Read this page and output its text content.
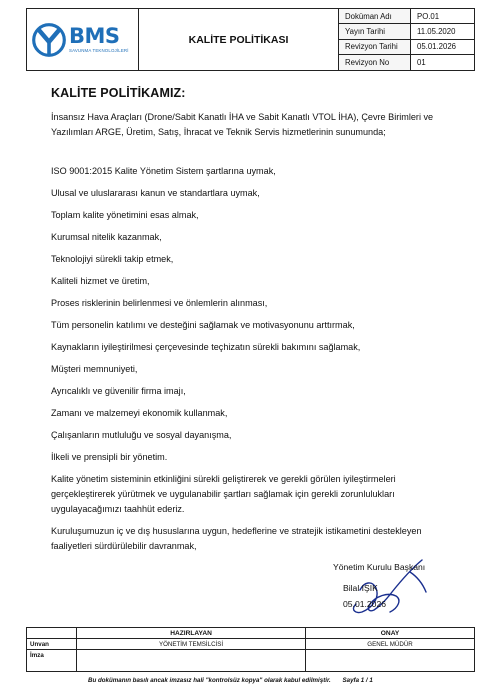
BMS
SAVUNMA TEKNOLOJİLERİ
KALİTE POLİTİKASI
Doküman Adı	PO.01
Yayın Tarihi	11.05.2020
Revizyon Tarihi	05.01.2026
Revizyon No	01
KALİTE POLİTİKAMIZ:
İnsansız Hava Araçları (Drone/Sabit Kanatlı İHA ve Sabit Kanatlı VTOL İHA), Çevre Birimleri ve Yazılımları ARGE, Üretim, Satış, İhracat ve Teknik Servis hizmetlerinin sunumunda;
ISO 9001:2015 Kalite Yönetim Sistem şartlarına uymak,
Ulusal ve uluslararası kanun ve standartlara uymak,
Toplam kalite yönetimini esas almak,
Kurumsal nitelik kazanmak,
Teknolojiyi sürekli takip etmek,
Kaliteli hizmet ve üretim,
Proses risklerinin belirlenmesi ve önlemlerin alınması,
Tüm personelin katılımı ve desteğini sağlamak ve motivasyonunu arttırmak,
Kaynakların iyileştirilmesi çerçevesinde teçhizatın sürekli bakımını sağlamak,
Müşteri memnuniyeti,
Ayrıcalıklı ve güvenilir firma imajı,
Zamanı ve malzemeyi ekonomik kullanmak,
Çalışanların mutluluğu ve sosyal dayanışma,
İlkeli ve prensipli bir yönetim.
Kalite yönetim sisteminin etkinliğini sürekli geliştirerek ve gerekli görülen iyileştirmeleri gerçekleştirerek yürütmek ve uygulanabilir şartları sağlamak için gerekli zorunlulukları uygulayacağımızı taahhüt ederiz.
Kuruluşumuzun iç ve dış hususlarına uygun, hedeflerine ve stratejik istikametini destekleyen faaliyetleri sürdürülebilir davranmak,
Yönetim Kurulu Başkanı
Bilal IŞIK
05.01.2026
	HAZIRLAYAN	ONAY
Unvan	YÖNETİM TEMSİLCİSİ	GENEL MÜDÜR
İmza		
Bu dokümanın basılı ancak imzasız hali "kontrolsüz kopya" olarak kabul edilmiştir. Sayfa 1 / 1
